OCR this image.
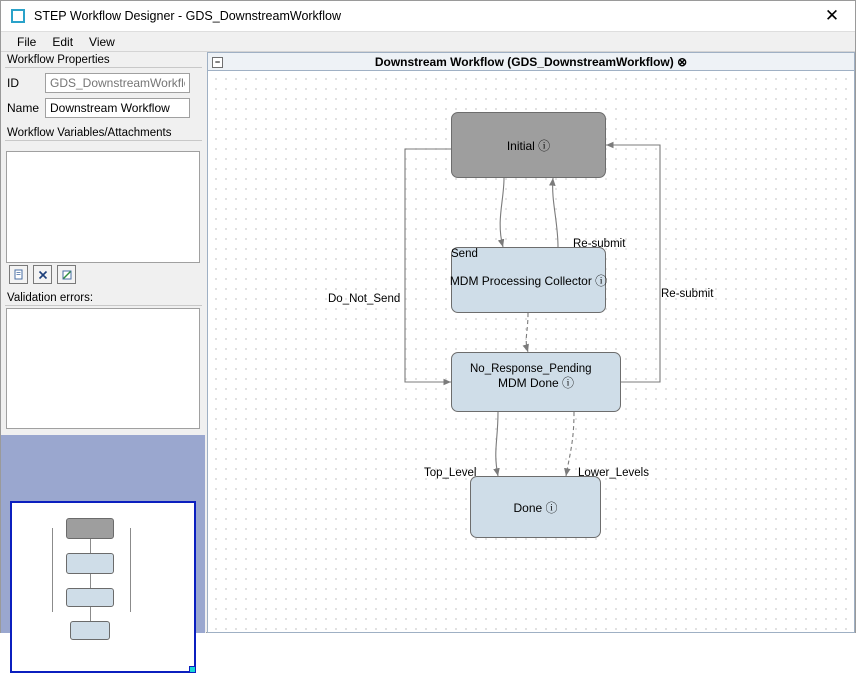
STEP Workflow Designer - GDS_DownstreamWorkflow	✕
File	Edit	View
Workflow Properties
ID
GDS_DownstreamWorkflow
Name
Downstream Workflow
Workflow Variables/Attachments
Validation errors:
−	Downstream Workflow (GDS_DownstreamWorkflow) ⊗
Initial ⓘ
MDM Processing Collector ⓘ
MDM Done ⓘ
Done ⓘ
Send
Re-submit
Do_Not_Send	Re-submit
No_Response_Pending
Top_Level	Lower_Levels
